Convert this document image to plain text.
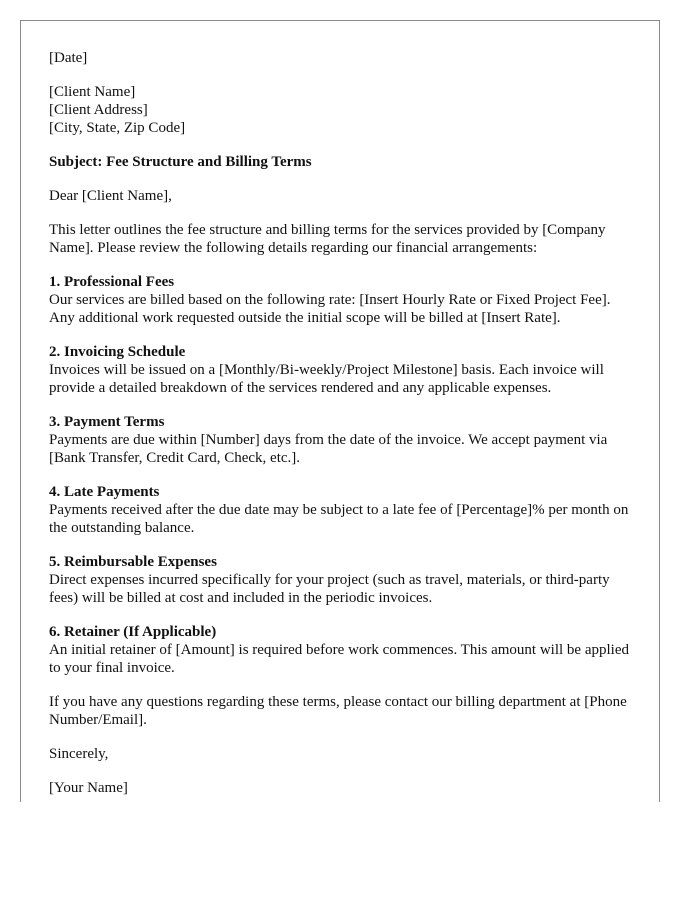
[Date]

[Client Name]
[Client Address]
[City, State, Zip Code]

Subject: Fee Structure and Billing Terms

Dear [Client Name],

This letter outlines the fee structure and billing terms for the services provided by [Company Name]. Please review the following details regarding our financial arrangements:

1. Professional Fees

Our services are billed based on the following rate: [Insert Hourly Rate or Fixed Project Fee]. Any additional work requested outside the initial scope will be billed at [Insert Rate].

2. Invoicing Schedule

Invoices will be issued on a [Monthly/Bi-weekly/Project Milestone] basis. Each invoice will provide a detailed breakdown of the services rendered and any applicable expenses.

3. Payment Terms

Payments are due within [Number] days from the date of the invoice. We accept payment via [Bank Transfer, Credit Card, Check, etc.].

4. Late Payments

Payments received after the due date may be subject to a late fee of [Percentage]% per month on the outstanding balance.

5. Reimbursable Expenses

Direct expenses incurred specifically for your project (such as travel, materials, or third-party fees) will be billed at cost and included in the periodic invoices.

6. Retainer (If Applicable)

An initial retainer of [Amount] is required before work commences. This amount will be applied to your final invoice.

If you have any questions regarding these terms, please contact our billing department at [Phone Number/Email].

Sincerely,

[Your Name]
